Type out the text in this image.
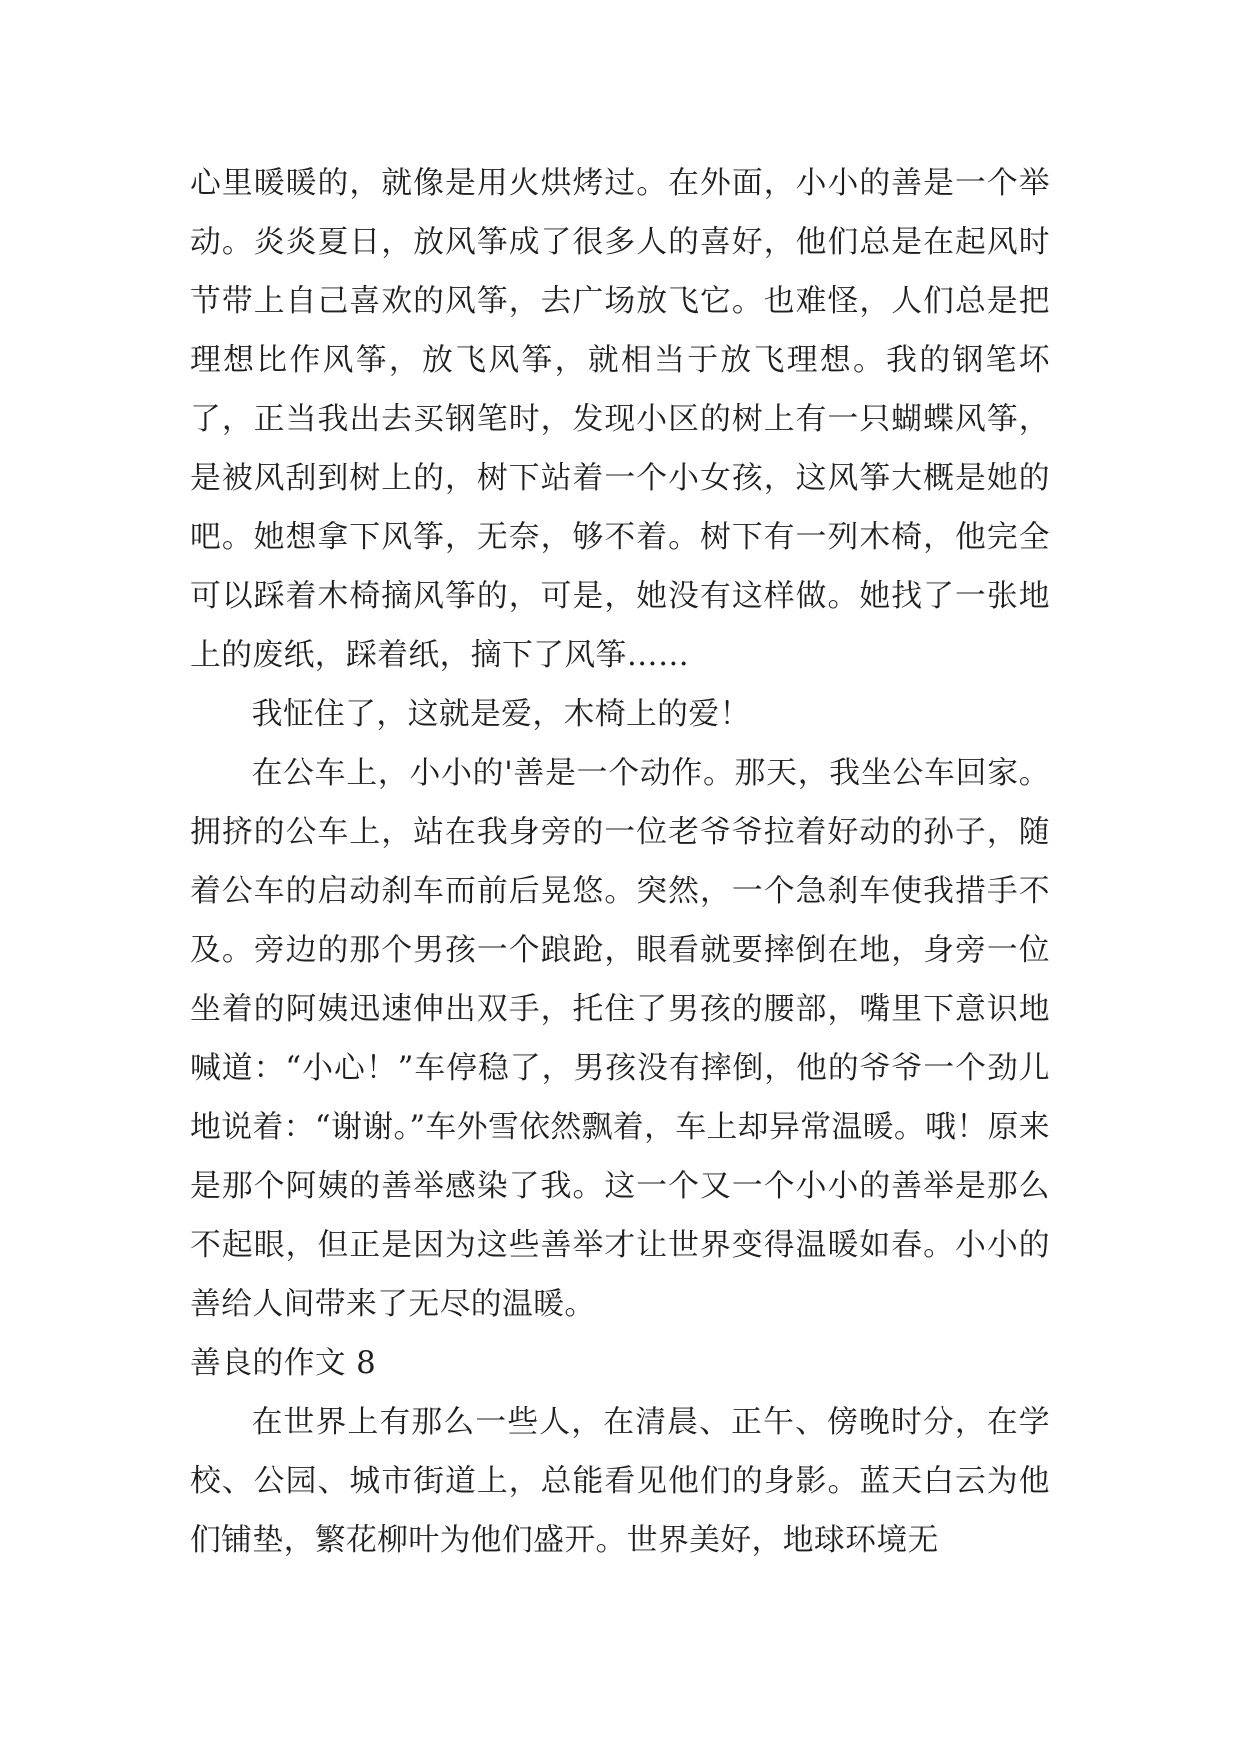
心里暖暖的，就像是用火烘烤过。在外面，小小的善是一个举动。炎炎夏日，放风筝成了很多人的喜好，他们总是在起风时节带上自己喜欢的风筝，去广场放飞它。也难怪，人们总是把理想比作风筝，放飞风筝，就相当于放飞理想。我的钢笔坏了，正当我出去买钢笔时，发现小区的树上有一只蝴蝶风筝，是被风刮到树上的，树下站着一个小女孩，这风筝大概是她的吧。她想拿下风筝，无奈，够不着。树下有一列木椅，他完全可以踩着木椅摘风筝的，可是，她没有这样做。她找了一张地上的废纸，踩着纸，摘下了风筝……

我怔住了，这就是爱，木椅上的爱！

在公车上，小小的'善是一个动作。那天，我坐公车回家。拥挤的公车上，站在我身旁的一位老爷爷拉着好动的孙子，随着公车的启动刹车而前后晃悠。突然，一个急刹车使我措手不及。旁边的那个男孩一个踉跄，眼看就要摔倒在地，身旁一位坐着的阿姨迅速伸出双手，托住了男孩的腰部，嘴里下意识地喊道：“小心！”车停稳了，男孩没有摔倒，他的爷爷一个劲儿地说着：“谢谢。”车外雪依然飘着，车上却异常温暖。哦！原来是那个阿姨的善举感染了我。这一个又一个小小的善举是那么不起眼，但正是因为这些善举才让世界变得温暖如春。小小的善给人间带来了无尽的温暖。

善良的作文 8

在世界上有那么一些人，在清晨、正午、傍晚时分，在学校、公园、城市街道上，总能看见他们的身影。蓝天白云为他们铺垫，繁花柳叶为他们盛开。世界美好，地球环境无
